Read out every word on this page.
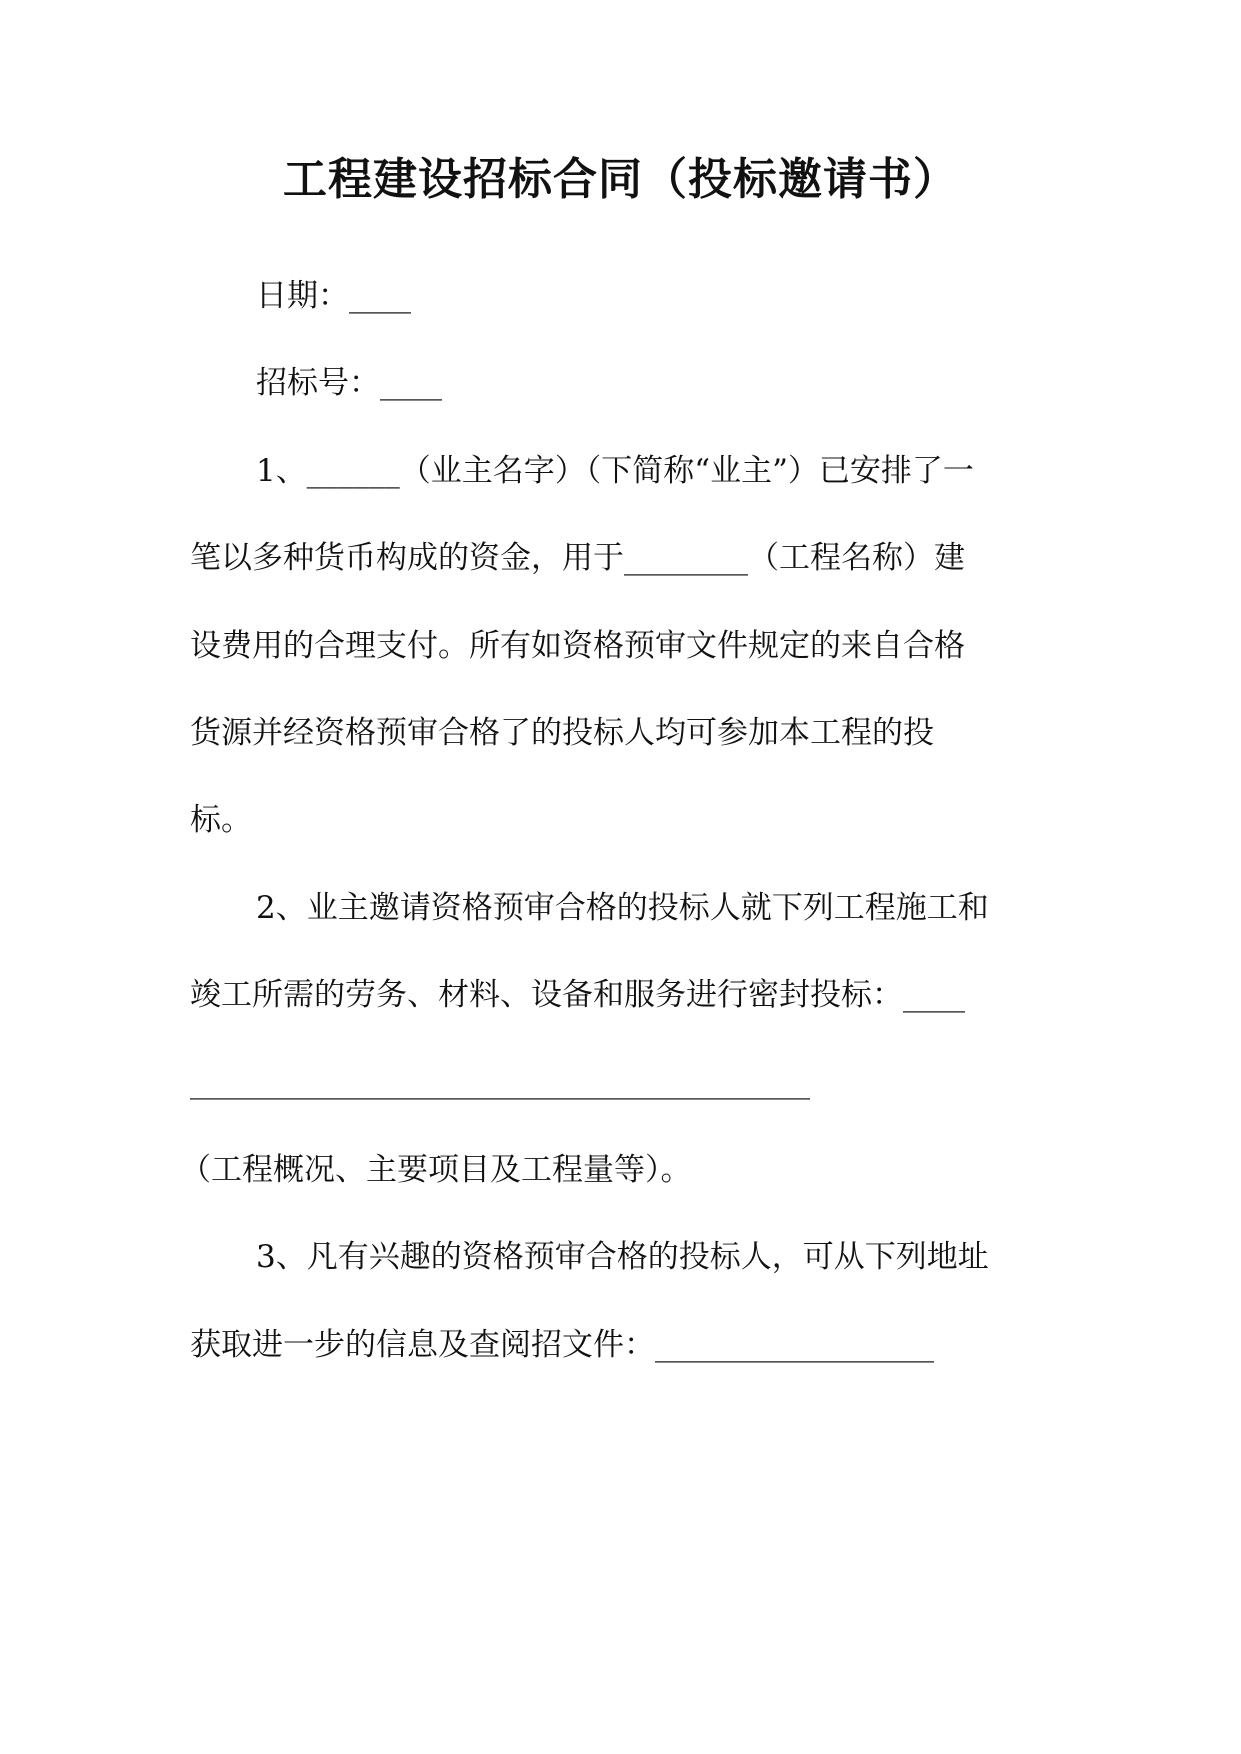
工程建设招标合同（投标邀请书）

日期：____

招标号：____

1、______（业主名字）（下简称“业主”）已安排了一

笔以多种货币构成的资金，用于________（工程名称）建

设费用的合理支付。所有如资格预审文件规定的来自合格

货源并经资格预审合格了的投标人均可参加本工程的投

标。

2、业主邀请资格预审合格的投标人就下列工程施工和

竣工所需的劳务、材料、设备和服务进行密封投标：____

________________________________________

（工程概况、主要项目及工程量等）。

3、凡有兴趣的资格预审合格的投标人，可从下列地址

获取进一步的信息及查阅招文件：__________________
